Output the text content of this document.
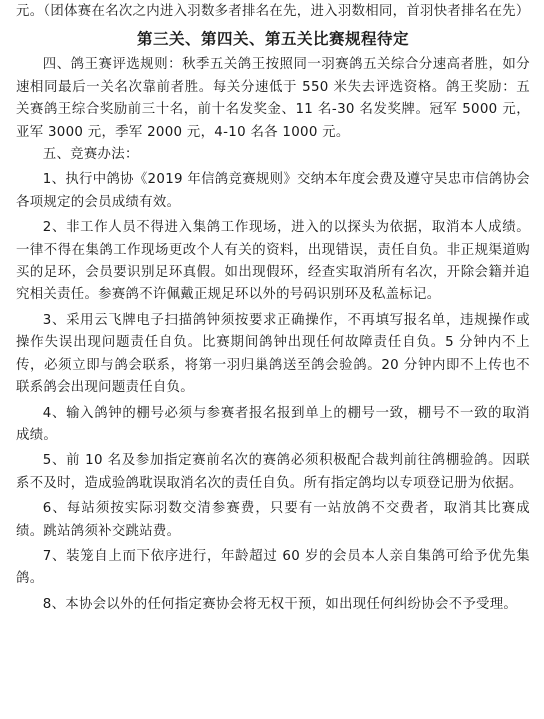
元。（团体赛在名次之内进入羽数多者排名在先，进入羽数相同，首羽快者排名在先）

第三关、第四关、第五关比赛规程待定

四、鸽王赛评选规则：秋季五关鸽王按照同一羽赛鸽五关综合分速高者胜，如分速相同最后一关名次靠前者胜。每关分速低于 550 米失去评选资格。鸽王奖励：五关赛鸽王综合奖励前三十名，前十名发奖金、11 名-30 名发奖牌。冠军 5000 元，亚军 3000 元，季军 2000 元，4-10 名各 1000 元。

五、竞赛办法：

1、执行中鸽协《2019 年信鸽竞赛规则》交纳本年度会费及遵守吴忠市信鸽协会各项规定的会员成绩有效。

2、非工作人员不得进入集鸽工作现场，进入的以探头为依据，取消本人成绩。一律不得在集鸽工作现场更改个人有关的资料，出现错误，责任自负。非正规渠道购买的足环，会员要识别足环真假。如出现假环，经查实取消所有名次，开除会籍并追究相关责任。参赛鸽不许佩戴正规足环以外的号码识别环及私盖标记。

3、采用云飞牌电子扫描鸽钟须按要求正确操作，不再填写报名单，违规操作或操作失误出现问题责任自负。比赛期间鸽钟出现任何故障责任自负。5 分钟内不上传，必须立即与鸽会联系，将第一羽归巢鸽送至鸽会验鸽。20 分钟内即不上传也不联系鸽会出现问题责任自负。

4、输入鸽钟的棚号必须与参赛者报名报到单上的棚号一致，棚号不一致的取消成绩。

5、前 10 名及参加指定赛前名次的赛鸽必须积极配合裁判前往鸽棚验鸽。因联系不及时，造成验鸽耽误取消名次的责任自负。所有指定鸽均以专项登记册为依据。

6、每站须按实际羽数交清参赛费，只要有一站放鸽不交费者，取消其比赛成绩。跳站鸽须补交跳站费。

7、装笼自上而下依序进行，年龄超过 60 岁的会员本人亲自集鸽可给予优先集鸽。

8、本协会以外的任何指定赛协会将无权干预，如出现任何纠纷协会不予受理。
